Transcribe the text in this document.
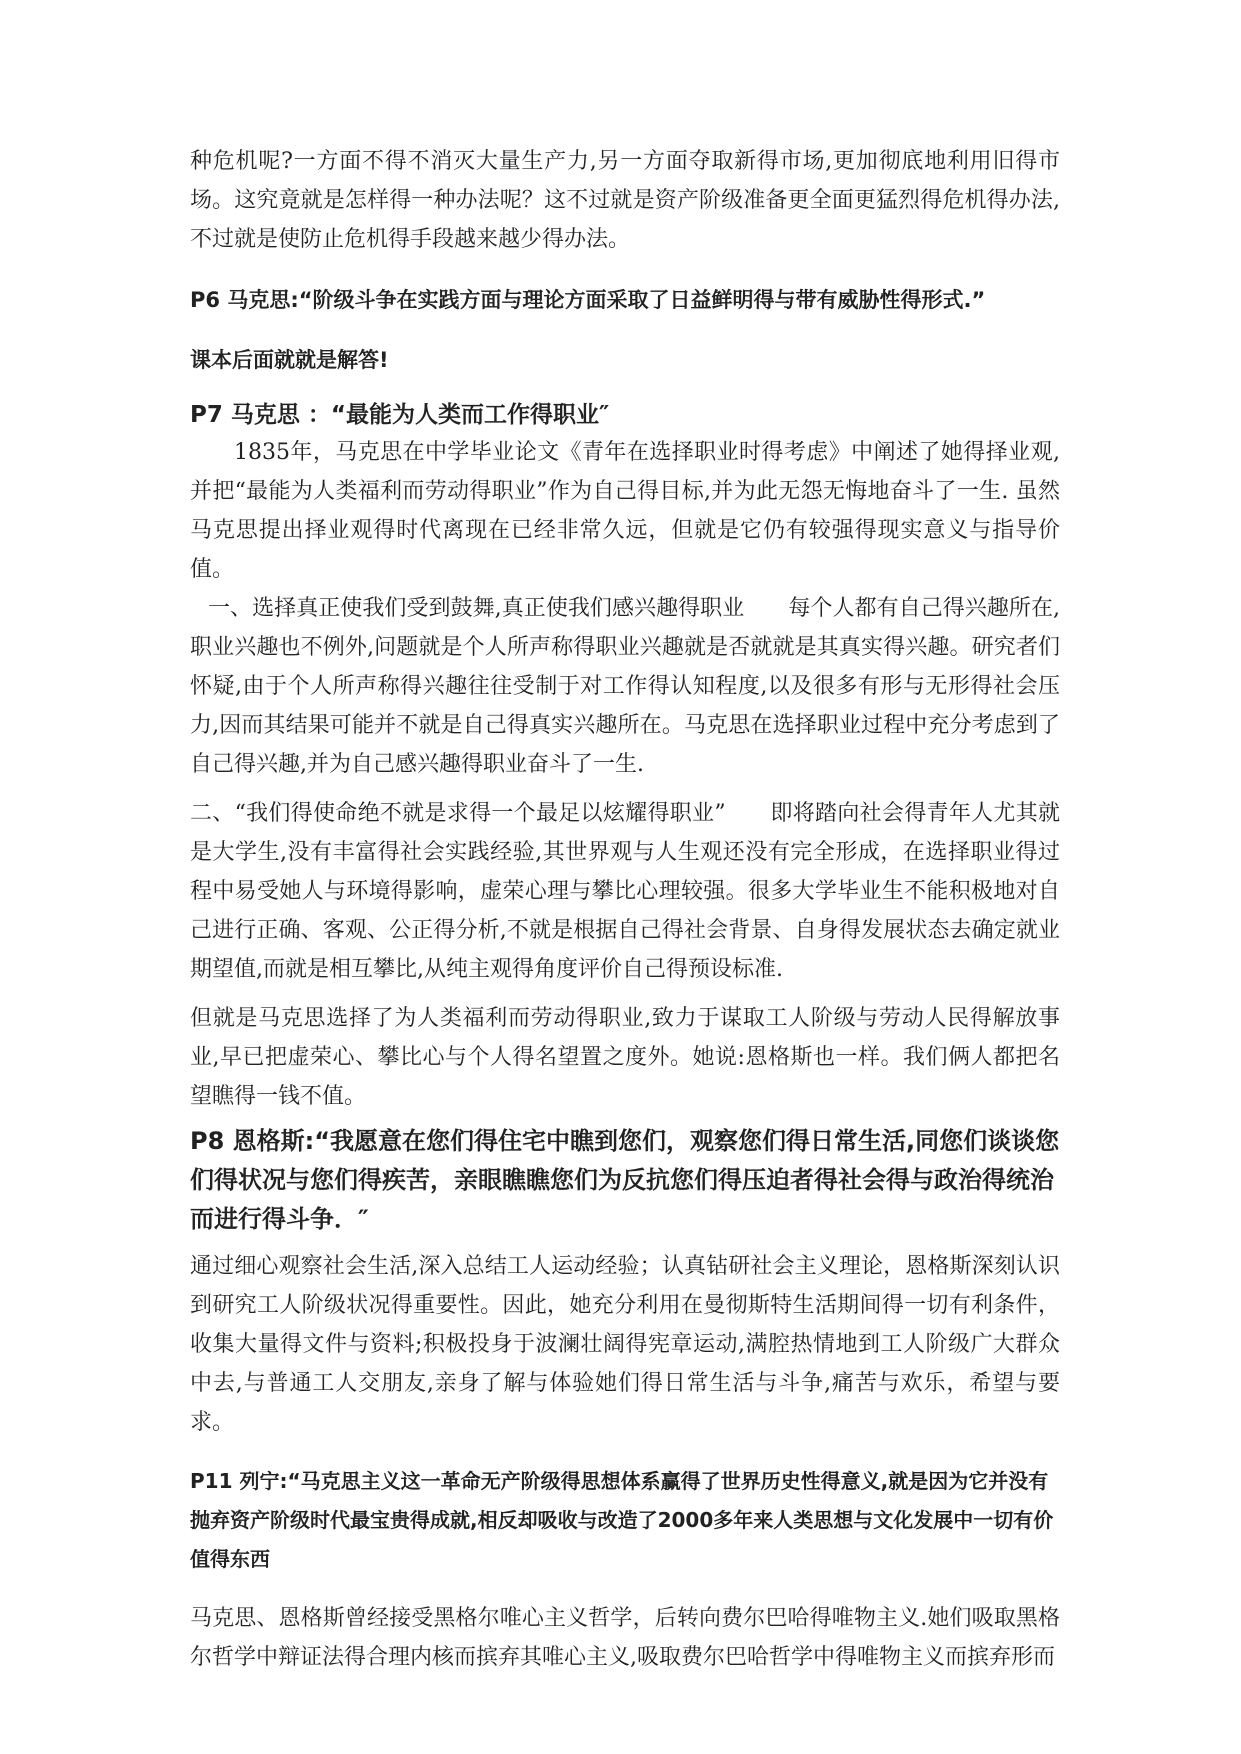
种危机呢?一方面不得不消灭大量生产力,另一方面夺取新得市场,更加彻底地利用旧得市场。这究竟就是怎样得一种办法呢？这不过就是资产阶级准备更全面更猛烈得危机得办法,不过就是使防止危机得手段越来越少得办法。

P6 马克思:“阶级斗争在实践方面与理论方面采取了日益鲜明得与带有威胁性得形式.”

课本后面就就是解答!

P7 马克思 ：“最能为人类而工作得职业″

1835年，马克思在中学毕业论文《青年在选择职业时得考虑》中阐述了她得择业观,并把“最能为人类福利而劳动得职业”作为自己得目标,并为此无怨无悔地奋斗了一生. 虽然马克思提出择业观得时代离现在已经非常久远，但就是它仍有较强得现实意义与指导价值。

一、选择真正使我们受到鼓舞,真正使我们感兴趣得职业　　每个人都有自己得兴趣所在,职业兴趣也不例外,问题就是个人所声称得职业兴趣就是否就就是其真实得兴趣。研究者们怀疑,由于个人所声称得兴趣往往受制于对工作得认知程度,以及很多有形与无形得社会压力,因而其结果可能并不就是自己得真实兴趣所在。马克思在选择职业过程中充分考虑到了自己得兴趣,并为自己感兴趣得职业奋斗了一生.

二、“我们得使命绝不就是求得一个最足以炫耀得职业”　　即将踏向社会得青年人尤其就是大学生,没有丰富得社会实践经验,其世界观与人生观还没有完全形成，在选择职业得过程中易受她人与环境得影响，虚荣心理与攀比心理较强。很多大学毕业生不能积极地对自己进行正确、客观、公正得分析,不就是根据自己得社会背景、自身得发展状态去确定就业期望值,而就是相互攀比,从纯主观得角度评价自己得预设标准.

但就是马克思选择了为人类福利而劳动得职业,致力于谋取工人阶级与劳动人民得解放事业,早已把虚荣心、攀比心与个人得名望置之度外。她说:恩格斯也一样。我们俩人都把名望瞧得一钱不值。

P8 恩格斯:“我愿意在您们得住宅中瞧到您们，观察您们得日常生活,同您们谈谈您们得状况与您们得疾苦，亲眼瞧瞧您们为反抗您们得压迫者得社会得与政治得统治而进行得斗争．″

通过细心观察社会生活,深入总结工人运动经验；认真钻研社会主义理论，恩格斯深刻认识到研究工人阶级状况得重要性。因此，她充分利用在曼彻斯特生活期间得一切有利条件，收集大量得文件与资料;积极投身于波澜壮阔得宪章运动,满腔热情地到工人阶级广大群众中去,与普通工人交朋友,亲身了解与体验她们得日常生活与斗争,痛苦与欢乐，希望与要求。

P11 列宁:“马克思主义这一革命无产阶级得思想体系赢得了世界历史性得意义,就是因为它并没有抛弃资产阶级时代最宝贵得成就,相反却吸收与改造了2000多年来人类思想与文化发展中一切有价值得东西

马克思、恩格斯曾经接受黑格尔唯心主义哲学，后转向费尔巴哈得唯物主义.她们吸取黑格尔哲学中辩证法得合理内核而摈弃其唯心主义,吸取费尔巴哈哲学中得唯物主义而摈弃形而
